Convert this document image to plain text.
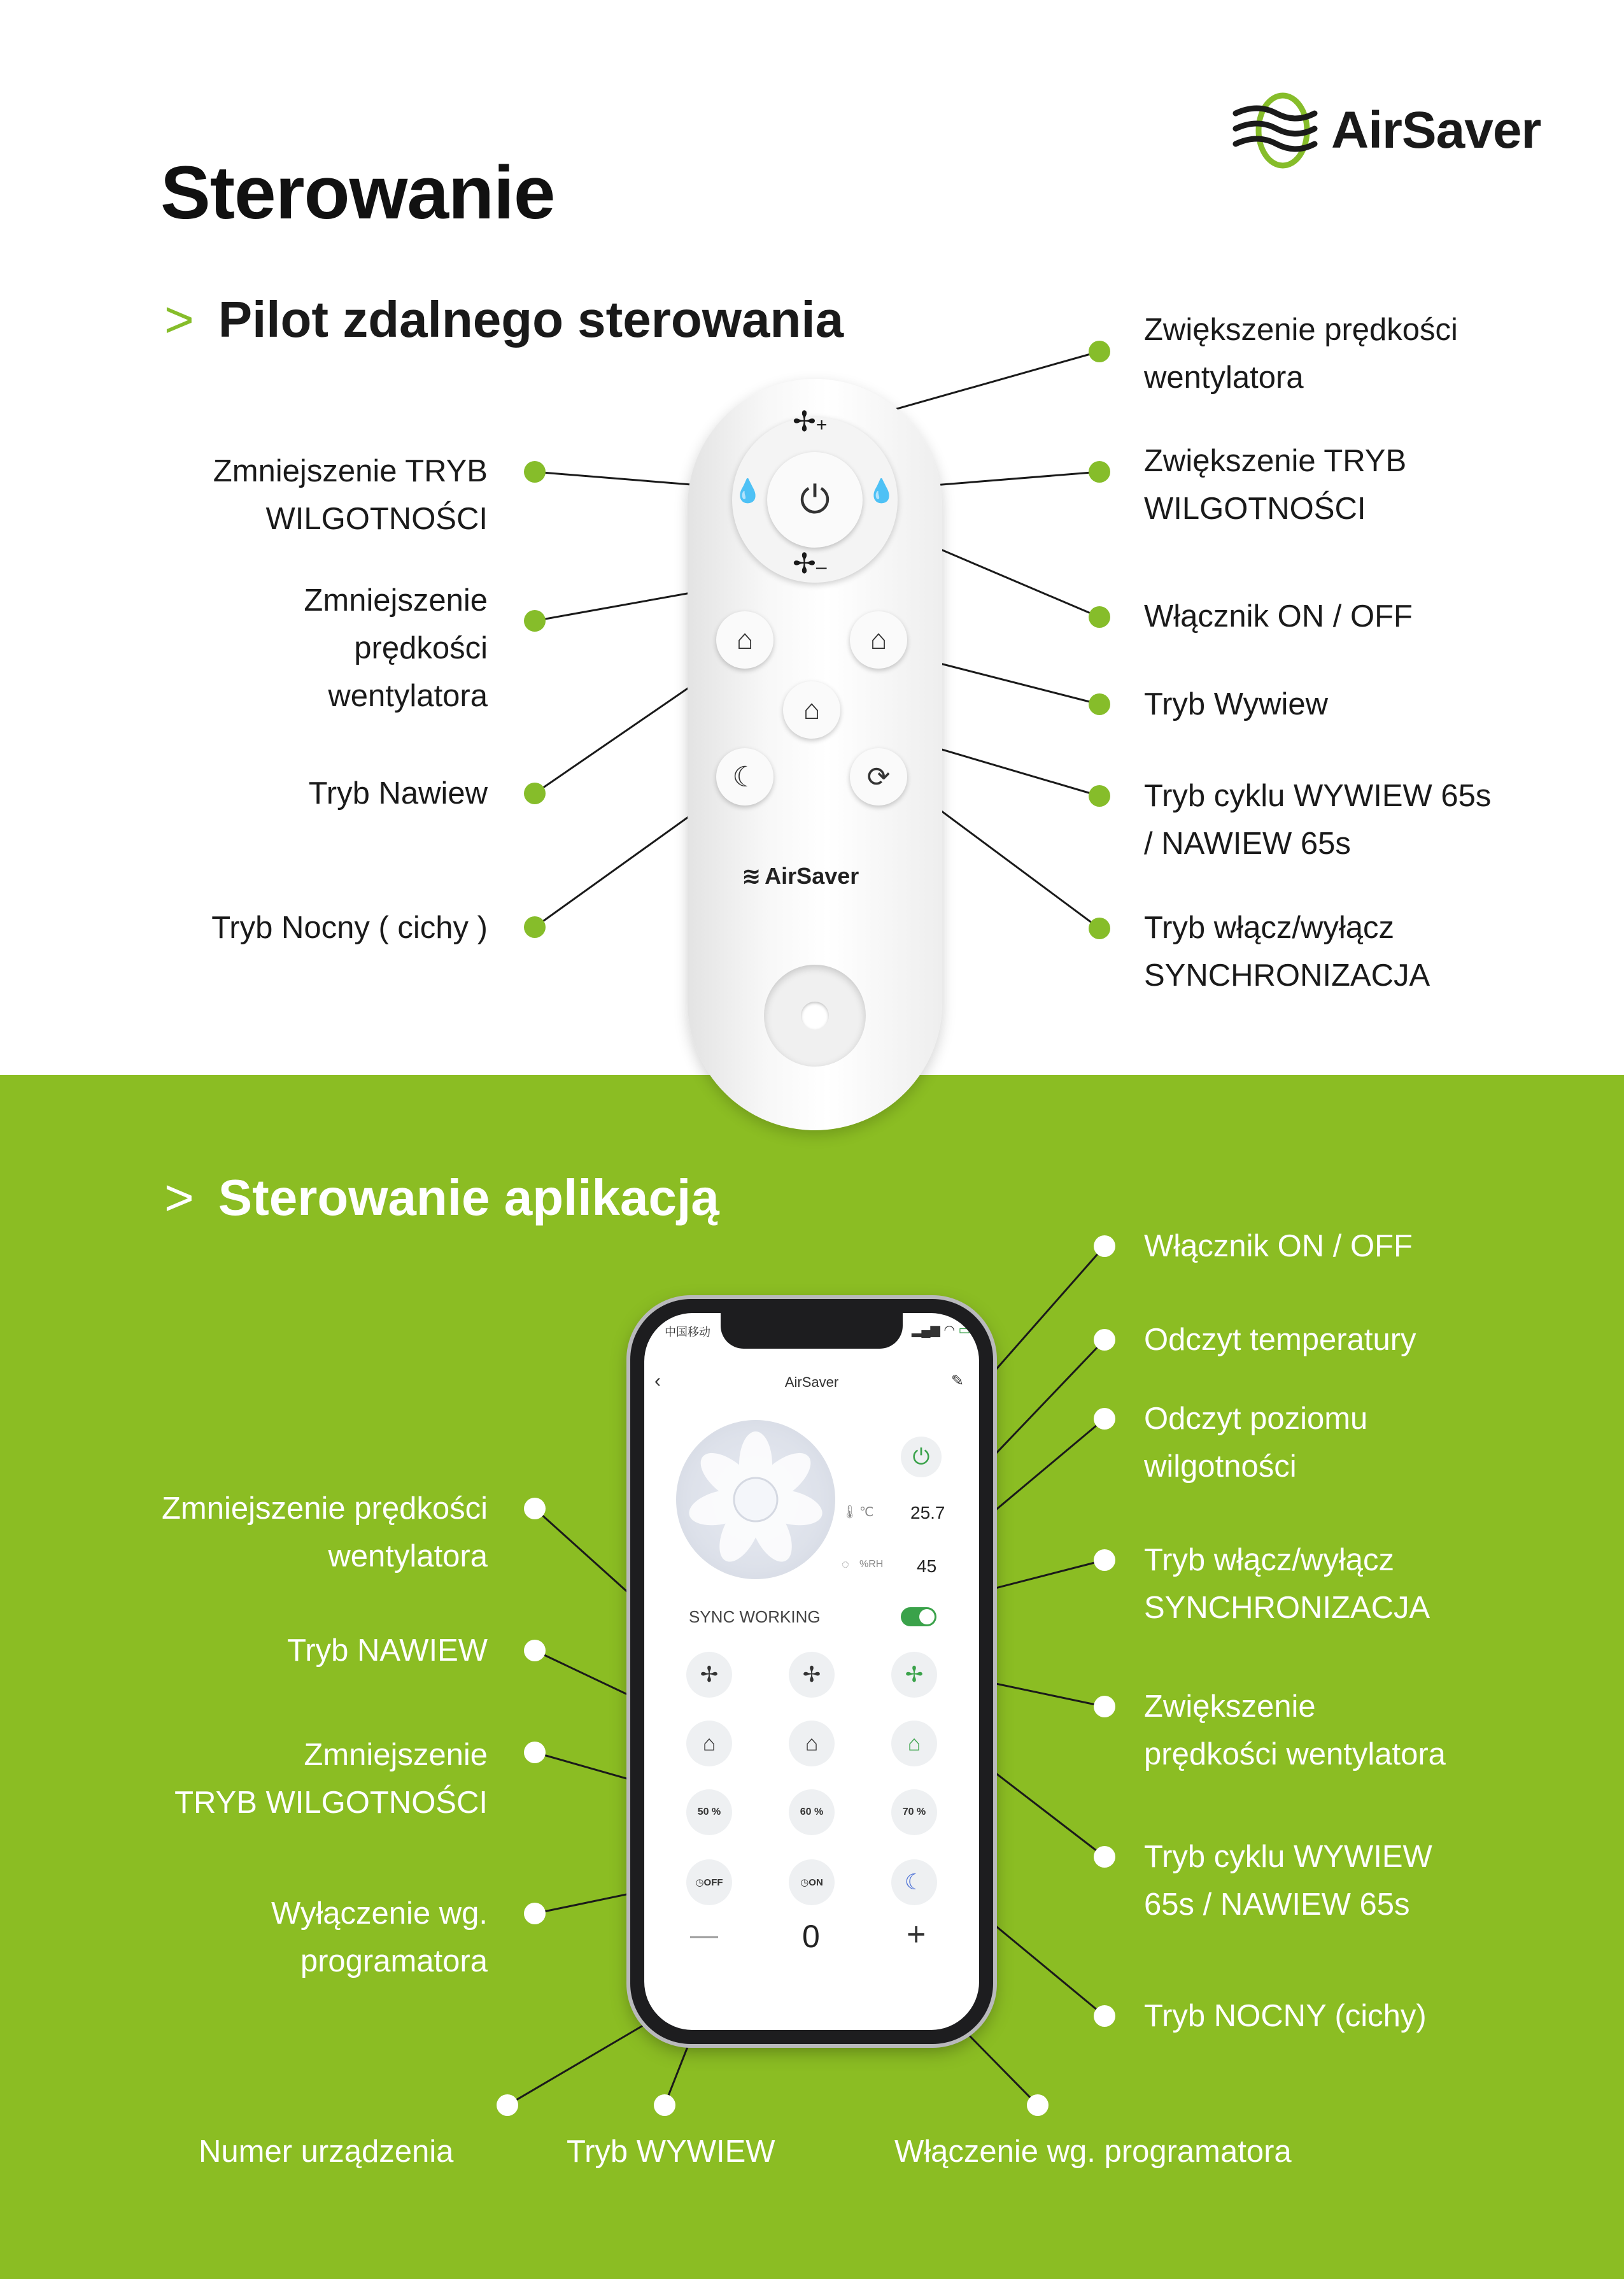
AirSaver
Sterowanie
> Pilot zdalnego sterowania
Zmniejszenie TRYB
WILGOTNOŚCI
Zmniejszenie
prędkości
wentylatora
Tryb Nawiew
Tryb Nocny ( cichy )
Zwiększenie prędkości
wentylatora
Zwiększenie TRYB
WILGOTNOŚCI
Włącznik ON / OFF
Tryb Wywiew
Tryb cyklu WYWIEW 65s
/ NAWIEW 65s
Tryb włącz/wyłącz
SYNCHRONIZACJA
⏻
✢+
✢–
💧	💧
⌂	⌂
⌂
☾	⟳
≋ AirSaver
> Sterowanie aplikacją
Zmniejszenie prędkości
wentylatora
Tryb NAWIEW
Zmniejszenie
TRYB WILGOTNOŚCI
Wyłączenie wg.
programatora
Włącznik ON / OFF
Odczyt temperatury
Odczyt poziomu
wilgotności
Tryb włącz/wyłącz
SYNCHRONIZACJA
Zwiększenie
prędkości wentylatora
Tryb cyklu WYWIEW
65s / NAWIEW 65s
Tryb NOCNY (cichy)
Numer urządzenia	Tryb WYWIEW	Włączenie wg. programatora
中国移动	▂▄▆ ◠ ▭
‹	AirSaver	✎
⏻
🌡 ℃ 25.7
◌ %RH 45
SYNC WORKING
✢	✢	✢
⌂	⌂	⌂
50 %	60 %	70 %
◷ OFF	◷ ON	☾
—	0	+
